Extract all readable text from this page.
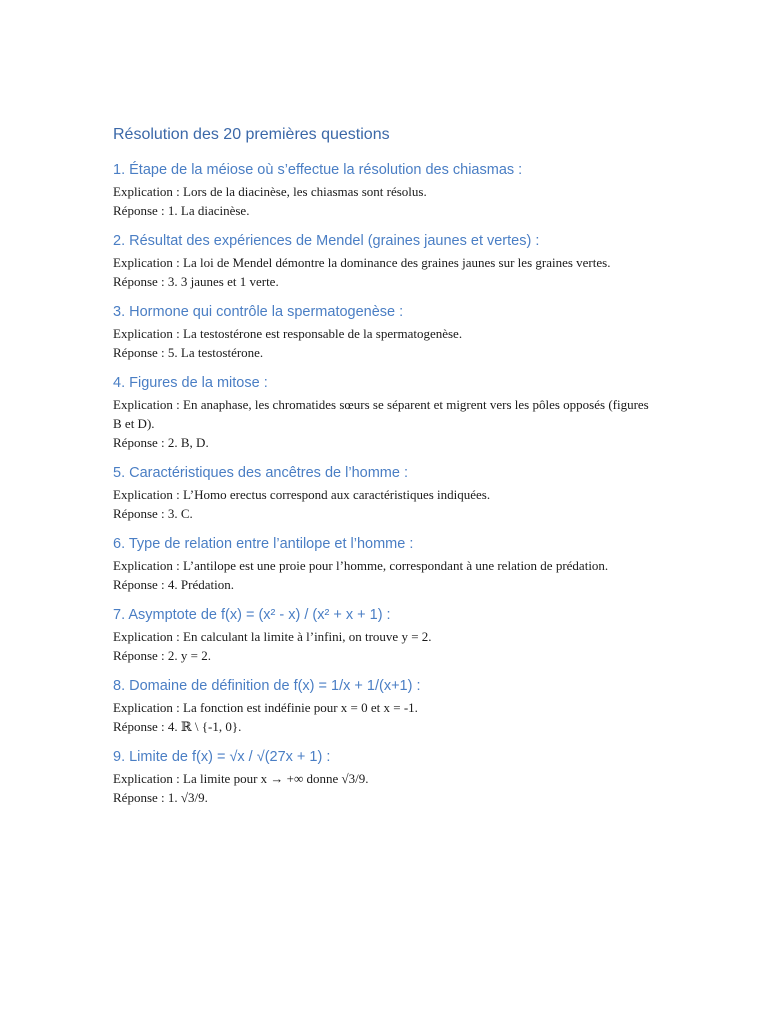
Résolution des 20 premières questions
1. Étape de la méiose où s’effectue la résolution des chiasmas :
Explication : Lors de la diacinèse, les chiasmas sont résolus.
Réponse : 1. La diacinèse.
2. Résultat des expériences de Mendel (graines jaunes et vertes) :
Explication : La loi de Mendel démontre la dominance des graines jaunes sur les graines vertes. Réponse : 3. 3 jaunes et 1 verte.
3. Hormone qui contrôle la spermatogenèse :
Explication : La testostérone est responsable de la spermatogenèse.
Réponse : 5. La testostérone.
4. Figures de la mitose :
Explication : En anaphase, les chromatides sœurs se séparent et migrent vers les pôles opposés (figures B et D).
Réponse : 2. B, D.
5. Caractéristiques des ancêtres de l’homme :
Explication : L’Homo erectus correspond aux caractéristiques indiquées.
Réponse : 3. C.
6. Type de relation entre l’antilope et l’homme :
Explication : L’antilope est une proie pour l’homme, correspondant à une relation de prédation.
Réponse : 4. Prédation.
7. Asymptote de f(x) = (x² - x) / (x² + x + 1) :
Explication : En calculant la limite à l’infini, on trouve y = 2.
Réponse : 2. y = 2.
8. Domaine de définition de f(x) = 1/x + 1/(x+1) :
Explication : La fonction est indéfinie pour x = 0 et x = -1.
Réponse : 4. ℝ \ {-1, 0}.
9. Limite de f(x) = √x / √(27x + 1) :
Explication : La limite pour x → +∞ donne √3/9.
Réponse : 1. √3/9.
